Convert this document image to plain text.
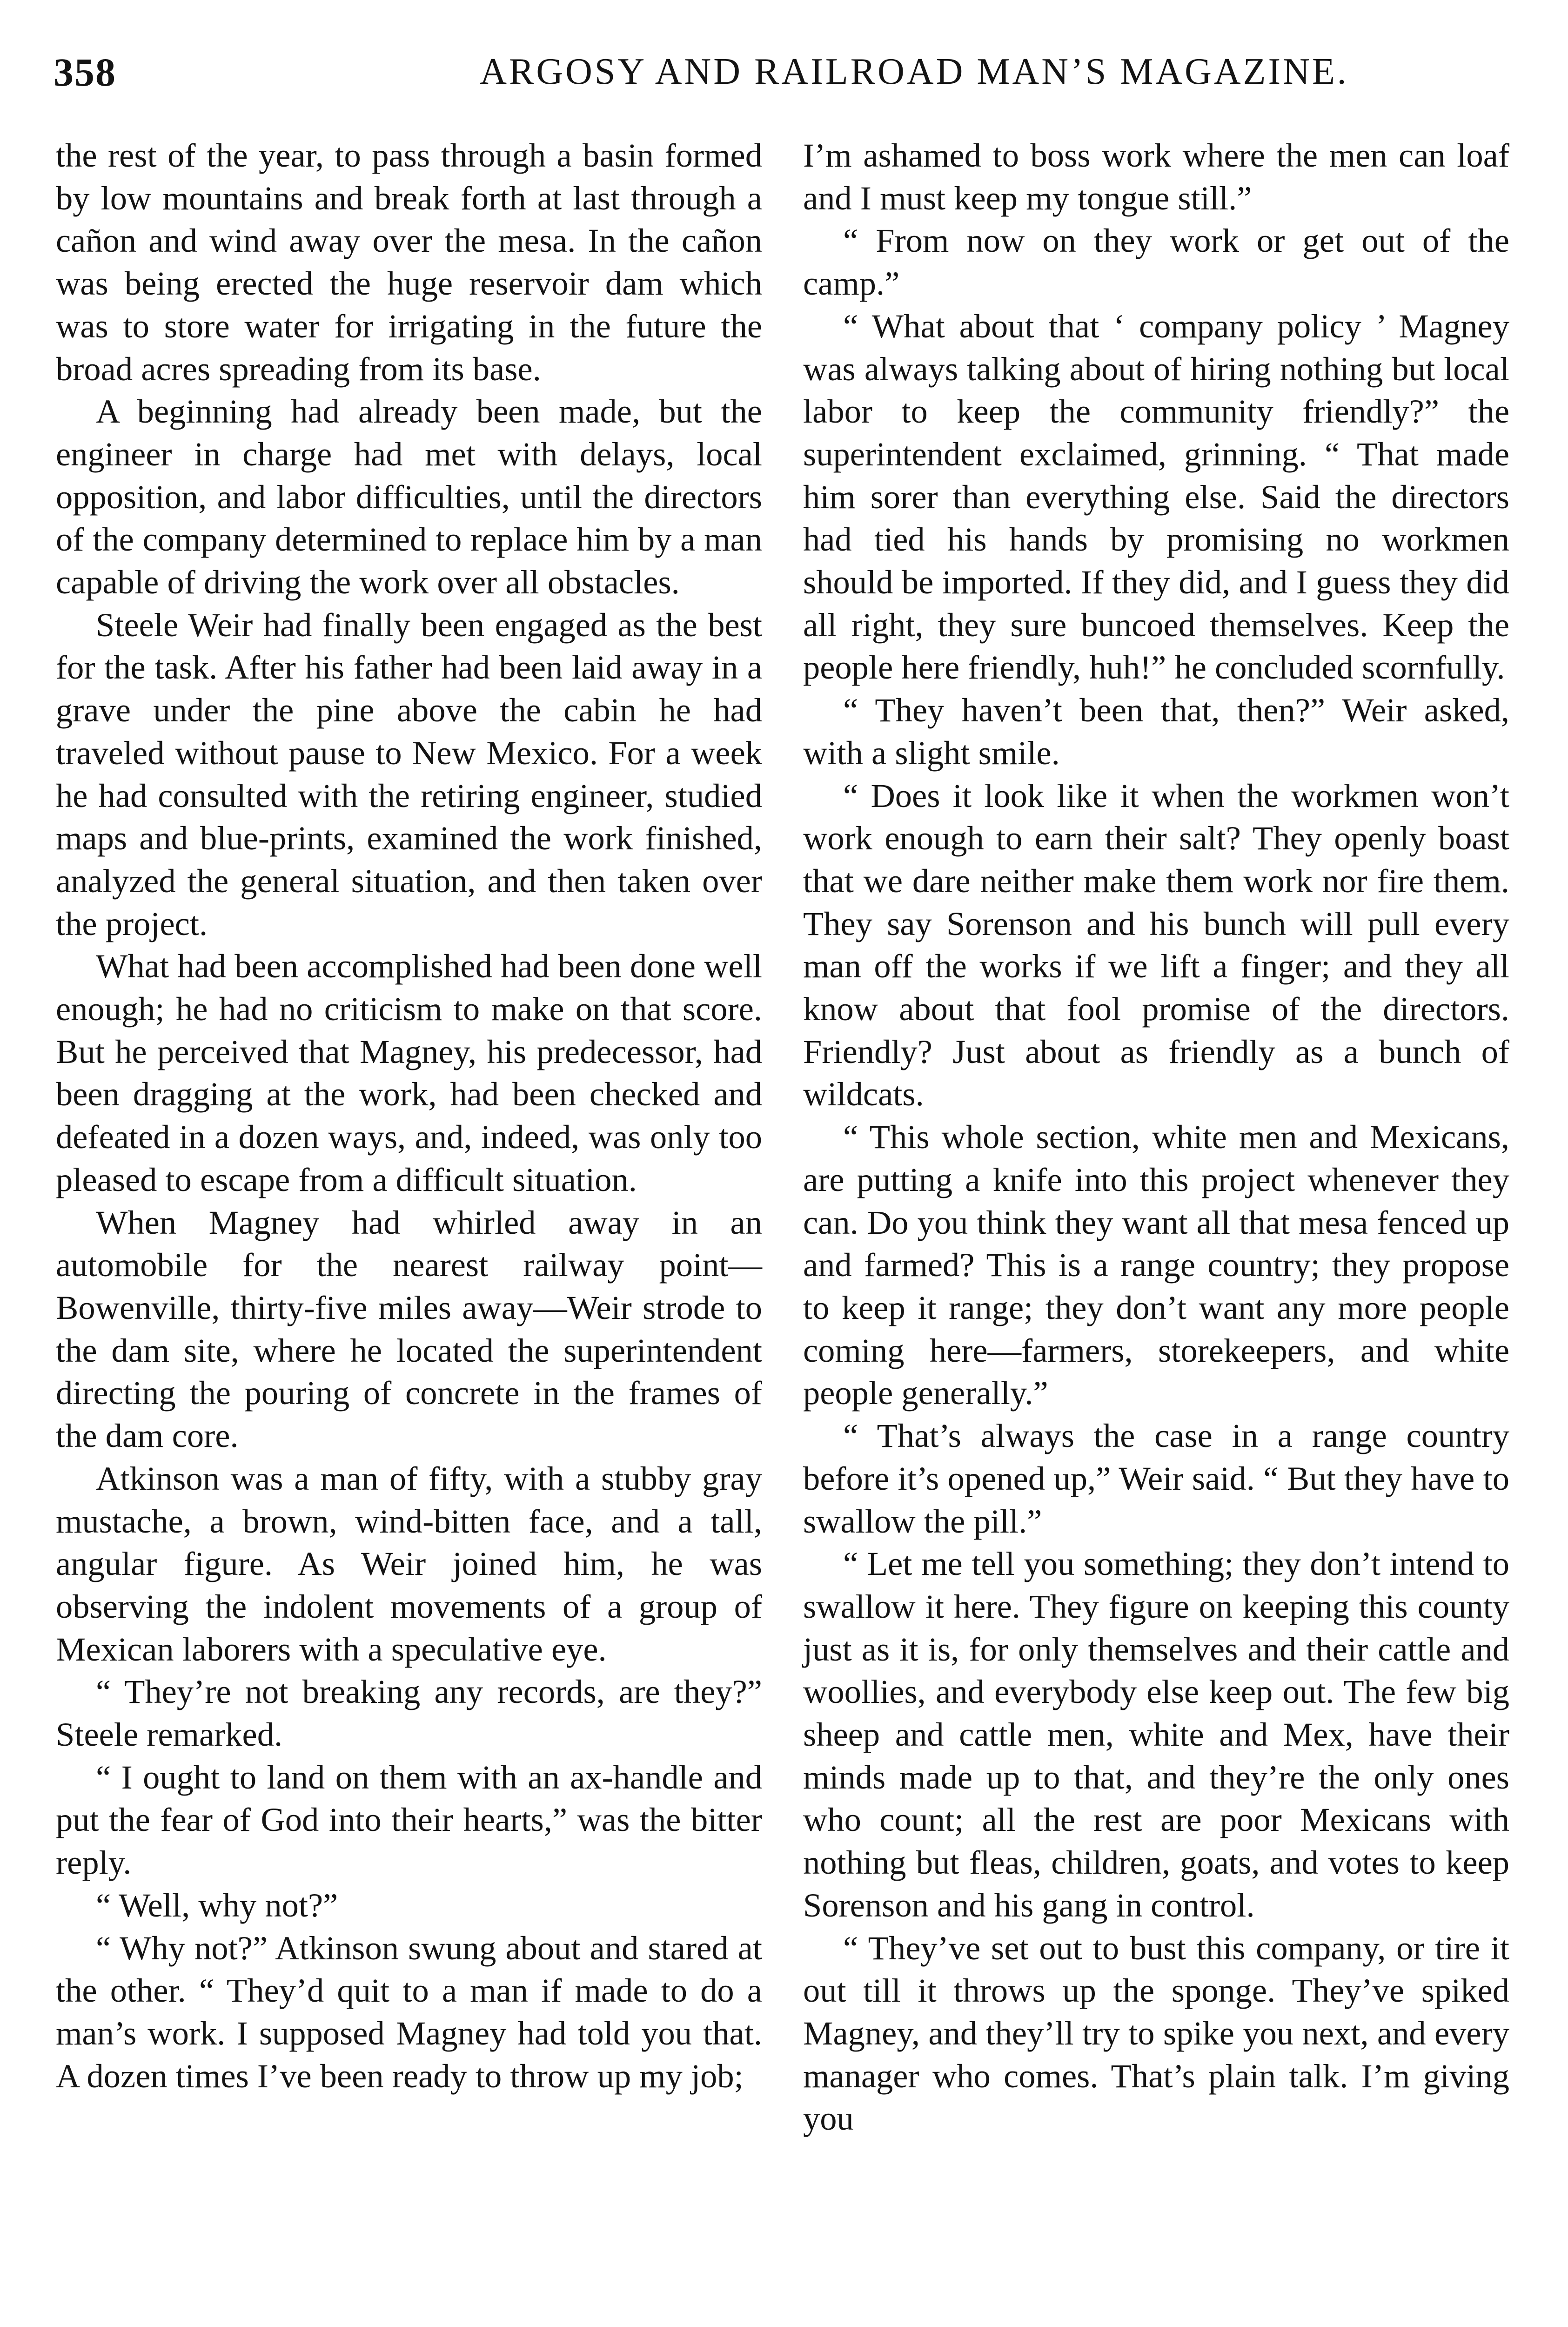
358	ARGOSY AND RAILROAD MAN’S MAGAZINE.

the rest of the year, to pass through a basin formed by low mountains and break forth at last through a cañon and wind away over the mesa. In the cañon was being erected the huge reservoir dam which was to store water for irrigating in the future the broad acres spreading from its base.

A beginning had already been made, but the engineer in charge had met with delays, local opposition, and labor difficulties, until the directors of the company determined to replace him by a man capable of driving the work over all obstacles.

Steele Weir had finally been engaged as the best for the task. After his father had been laid away in a grave under the pine above the cabin he had traveled without pause to New Mexico. For a week he had consulted with the retiring engineer, studied maps and blue-prints, examined the work finished, analyzed the general situation, and then taken over the project.

What had been accomplished had been done well enough; he had no criticism to make on that score. But he perceived that Magney, his predecessor, had been dragging at the work, had been checked and defeated in a dozen ways, and, indeed, was only too pleased to escape from a difficult situation.

When Magney had whirled away in an automobile for the nearest railway point—Bowenville, thirty-five miles away—Weir strode to the dam site, where he located the superintendent directing the pouring of concrete in the frames of the dam core.

Atkinson was a man of fifty, with a stubby gray mustache, a brown, wind-bitten face, and a tall, angular figure. As Weir joined him, he was observing the indolent movements of a group of Mexican laborers with a speculative eye.

“ They’re not breaking any records, are they?” Steele remarked.

“ I ought to land on them with an ax-handle and put the fear of God into their hearts,” was the bitter reply.

“ Well, why not?”

“ Why not?” Atkinson swung about and stared at the other. “ They’d quit to a man if made to do a man’s work. I supposed Magney had told you that. A dozen times I’ve been ready to throw up my job;

I’m ashamed to boss work where the men can loaf and I must keep my tongue still.”

“ From now on they work or get out of the camp.”

“ What about that ‘ company policy ’ Magney was always talking about of hiring nothing but local labor to keep the community friendly?” the superintendent exclaimed, grinning. “ That made him sorer than everything else. Said the directors had tied his hands by promising no workmen should be imported. If they did, and I guess they did all right, they sure buncoed themselves. Keep the people here friendly, huh!” he concluded scornfully.

“ They haven’t been that, then?” Weir asked, with a slight smile.

“ Does it look like it when the workmen won’t work enough to earn their salt? They openly boast that we dare neither make them work nor fire them. They say Sorenson and his bunch will pull every man off the works if we lift a finger; and they all know about that fool promise of the directors. Friendly? Just about as friendly as a bunch of wildcats.

“ This whole section, white men and Mexicans, are putting a knife into this project whenever they can. Do you think they want all that mesa fenced up and farmed? This is a range country; they propose to keep it range; they don’t want any more people coming here—farmers, storekeepers, and white people generally.”

“ That’s always the case in a range country before it’s opened up,” Weir said. “ But they have to swallow the pill.”

“ Let me tell you something; they don’t intend to swallow it here. They figure on keeping this county just as it is, for only themselves and their cattle and woollies, and everybody else keep out. The few big sheep and cattle men, white and Mex, have their minds made up to that, and they’re the only ones who count; all the rest are poor Mexicans with nothing but fleas, children, goats, and votes to keep Sorenson and his gang in control.

“ They’ve set out to bust this company, or tire it out till it throws up the sponge. They’ve spiked Magney, and they’ll try to spike you next, and every manager who comes. That’s plain talk. I’m giving you
